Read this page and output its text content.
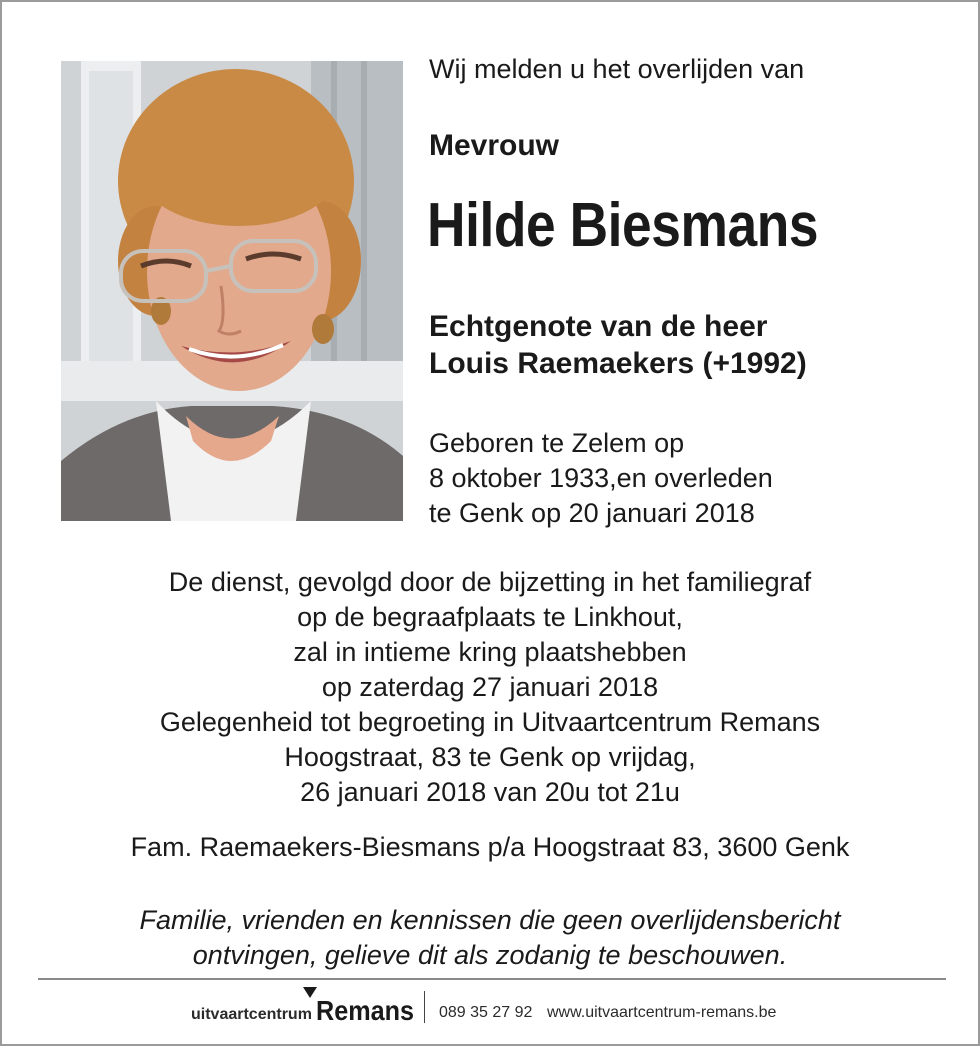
Wij melden u het overlijden van
Mevrouw
Hilde Biesmans
Echtgenote van de heer
Louis Raemaekers (+1992)
Geboren te Zelem op
8 oktober 1933,en overleden
te Genk op 20 januari 2018
De dienst, gevolgd door de bijzetting in het familiegraf
op de begraafplaats te Linkhout,
zal in intieme kring plaatshebben
op zaterdag 27 januari 2018
Gelegenheid tot begroeting in Uitvaartcentrum Remans
Hoogstraat, 83 te Genk op vrijdag,
26 januari 2018 van 20u tot 21u
Fam. Raemaekers-Biesmans p/a Hoogstraat 83, 3600 Genk
Familie, vrienden en kennissen die geen overlijdensbericht
ontvingen, gelieve dit als zodanig te beschouwen.
uitvaartcentrum Remans 089 35 27 92 www.uitvaartcentrum-remans.be
